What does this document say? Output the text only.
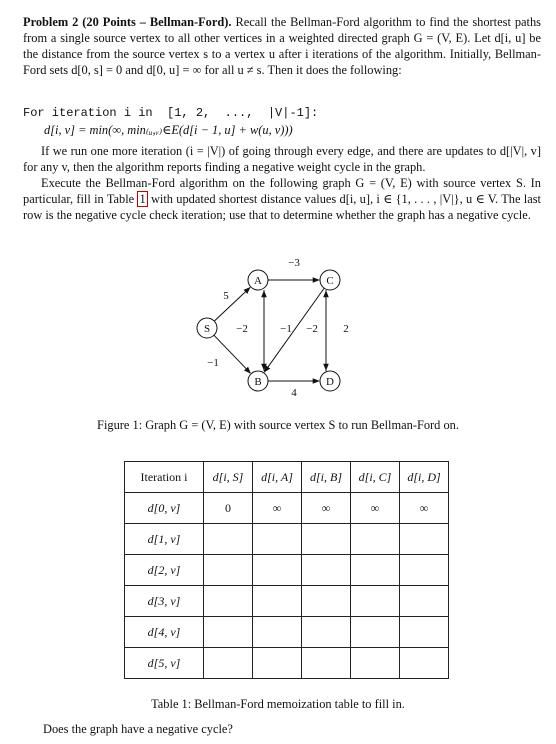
Problem 2 (20 Points – Bellman-Ford). Recall the Bellman-Ford algorithm to find the shortest paths from a single source vertex to all other vertices in a weighted directed graph G = (V, E). Let d[i, u] be the distance from the source vertex s to a vertex u after i iterations of the algorithm. Initially, Bellman-Ford sets d[0, s] = 0 and d[0, u] = ∞ for all u ≠ s. Then it does the following:
For iteration i in  [1, 2,  ...,  |V|-1]:
d[i, v] = min(∞, min₍ᵤ,ᵥ₎∈E(d[i − 1, u] + w(u, v)))
If we run one more iteration (i = |V|) of going through every edge, and there are updates to d[|V|, v] for any v, then the algorithm reports finding a negative weight cycle in the graph.
Execute the Bellman-Ford algorithm on the following graph G = (V, E) with source vertex S. In particular, fill in Table 1 with updated shortest distance values d[i, u], i ∈ {1, . . . , |V|}, u ∈ V. The last row is the negative cycle check iteration; use that to determine whether the graph has a negative cycle.
S
A
B
C
D
5
−1
−2	−1
−3
−2 2
4
Figure 1: Graph G = (V, E) with source vertex S to run Bellman-Ford on.
Iteration i	d[i, S]	d[i, A]	d[i, B]	d[i, C]	d[i, D]
d[0, v]	0	∞	∞	∞	∞
d[1, v]					
d[2, v]					
d[3, v]					
d[4, v]					
d[5, v]					
Table 1: Bellman-Ford memoization table to fill in.
Does the graph have a negative cycle?
